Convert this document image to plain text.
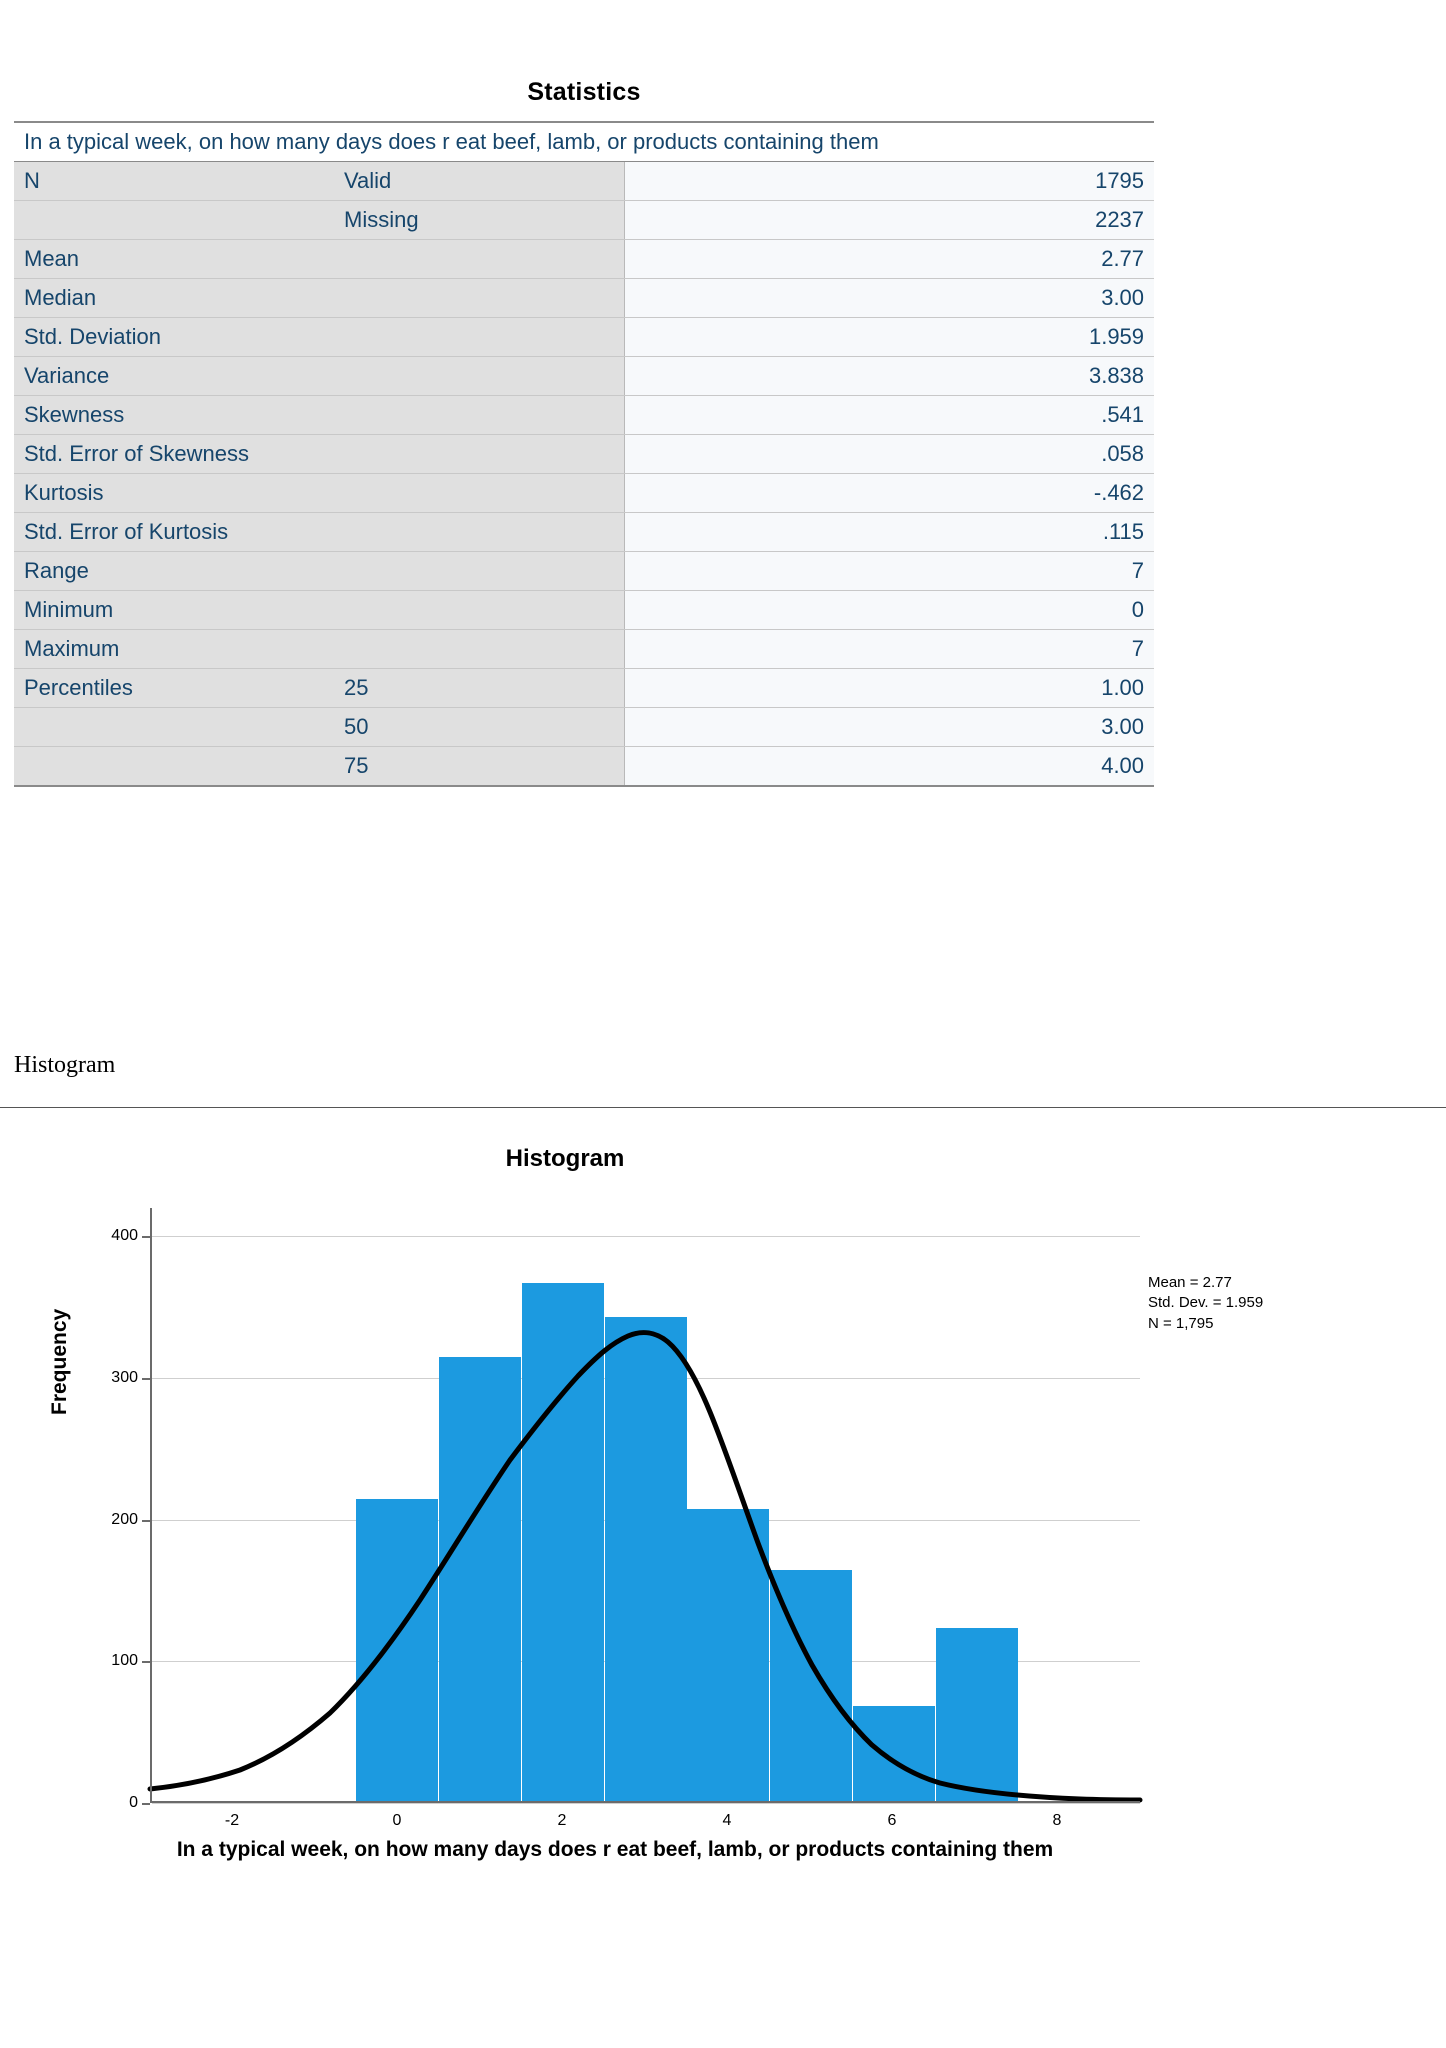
Statistics
In a typical week, on how many days does r eat beef, lamb, or products containing them		
N	Valid	1795
	Missing	2237
Mean		2.77
Median		3.00
Std. Deviation		1.959
Variance		3.838
Skewness		.541
Std. Error of Skewness		.058
Kurtosis		-.462
Std. Error of Kurtosis		.115
Range		7
Minimum		0
Maximum		7
Percentiles	25	1.00
	50	3.00
	75	4.00
Histogram
Histogram
Frequency
0
100
200
300
400
-2	0	2	4	6	8
Mean = 2.77
Std. Dev. = 1.959
N = 1,795
In a typical week, on how many days does r eat beef, lamb, or products containing them
